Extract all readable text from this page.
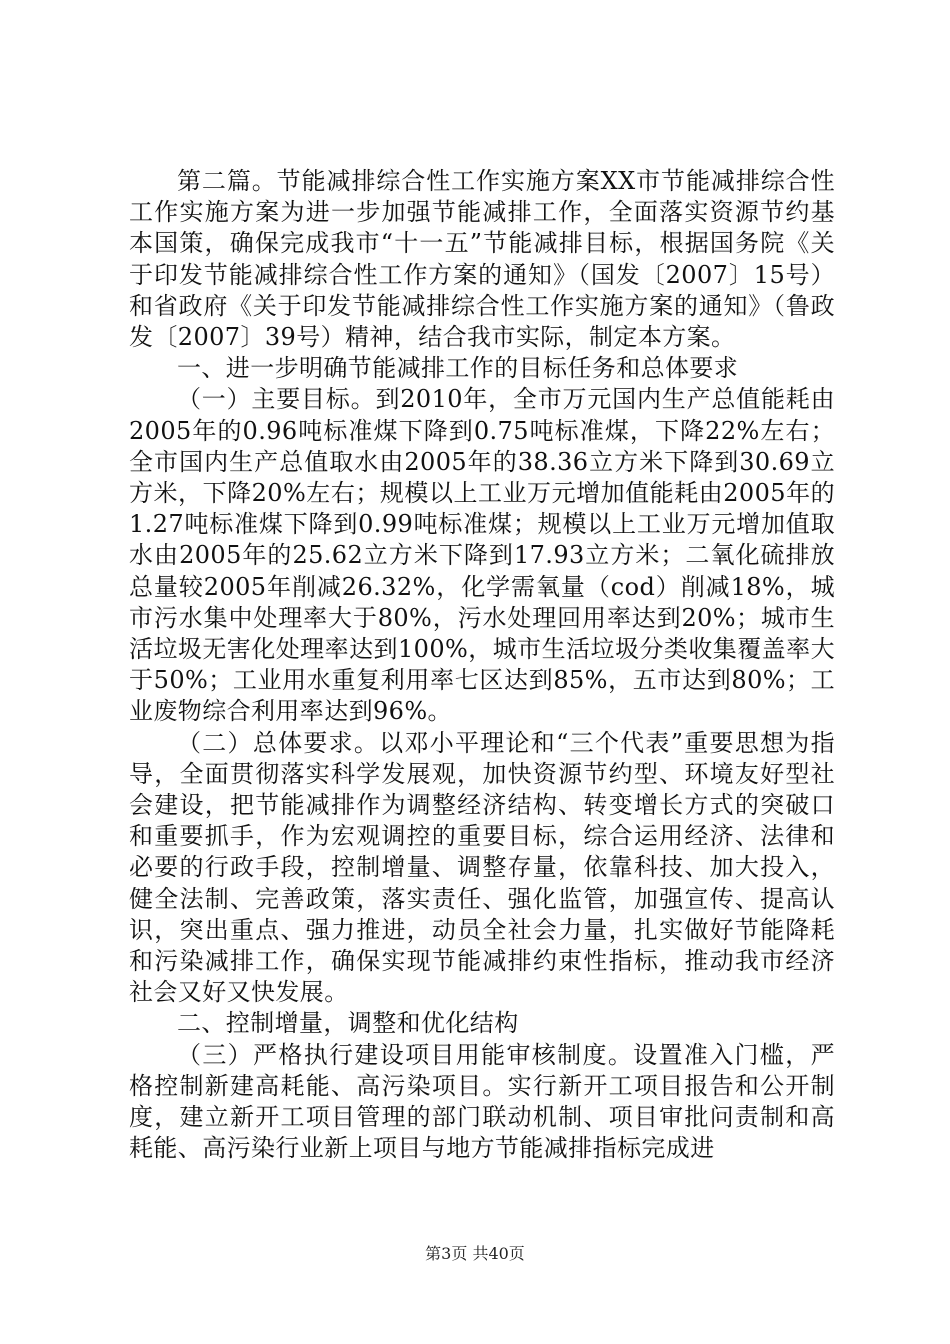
第二篇。节能减排综合性工作实施方案XX市节能减排综合性工作实施方案为进一步加强节能减排工作，全面落实资源节约基本国策，确保完成我市“十一五”节能减排目标，根据国务院《关于印发节能减排综合性工作方案的通知》（国发〔2007〕15号）和省政府《关于印发节能减排综合性工作实施方案的通知》（鲁政发〔2007〕39号）精神，结合我市实际，制定本方案。

一、进一步明确节能减排工作的目标任务和总体要求

（一）主要目标。到2010年，全市万元国内生产总值能耗由2005年的0.96吨标准煤下降到0.75吨标准煤，下降22%左右；全市国内生产总值取水由2005年的38.36立方米下降到30.69立方米，下降20%左右；规模以上工业万元增加值能耗由2005年的1.27吨标准煤下降到0.99吨标准煤；规模以上工业万元增加值取水由2005年的25.62立方米下降到17.93立方米；二氧化硫排放总量较2005年削减26.32%，化学需氧量（cod）削减18%，城市污水集中处理率大于80%，污水处理回用率达到20%；城市生活垃圾无害化处理率达到100%，城市生活垃圾分类收集覆盖率大于50%；工业用水重复利用率七区达到85%，五市达到80%；工业废物综合利用率达到96%。

（二）总体要求。以邓小平理论和“三个代表”重要思想为指导，全面贯彻落实科学发展观，加快资源节约型、环境友好型社会建设，把节能减排作为调整经济结构、转变增长方式的突破口和重要抓手，作为宏观调控的重要目标，综合运用经济、法律和必要的行政手段，控制增量、调整存量，依靠科技、加大投入，健全法制、完善政策，落实责任、强化监管，加强宣传、提高认识，突出重点、强力推进，动员全社会力量，扎实做好节能降耗和污染减排工作，确保实现节能减排约束性指标，推动我市经济社会又好又快发展。

二、控制增量，调整和优化结构

（三）严格执行建设项目用能审核制度。设置准入门槛，严格控制新建高耗能、高污染项目。实行新开工项目报告和公开制度，建立新开工项目管理的部门联动机制、项目审批问责制和高耗能、高污染行业新上项目与地方节能减排指标完成进

第3页 共40页
